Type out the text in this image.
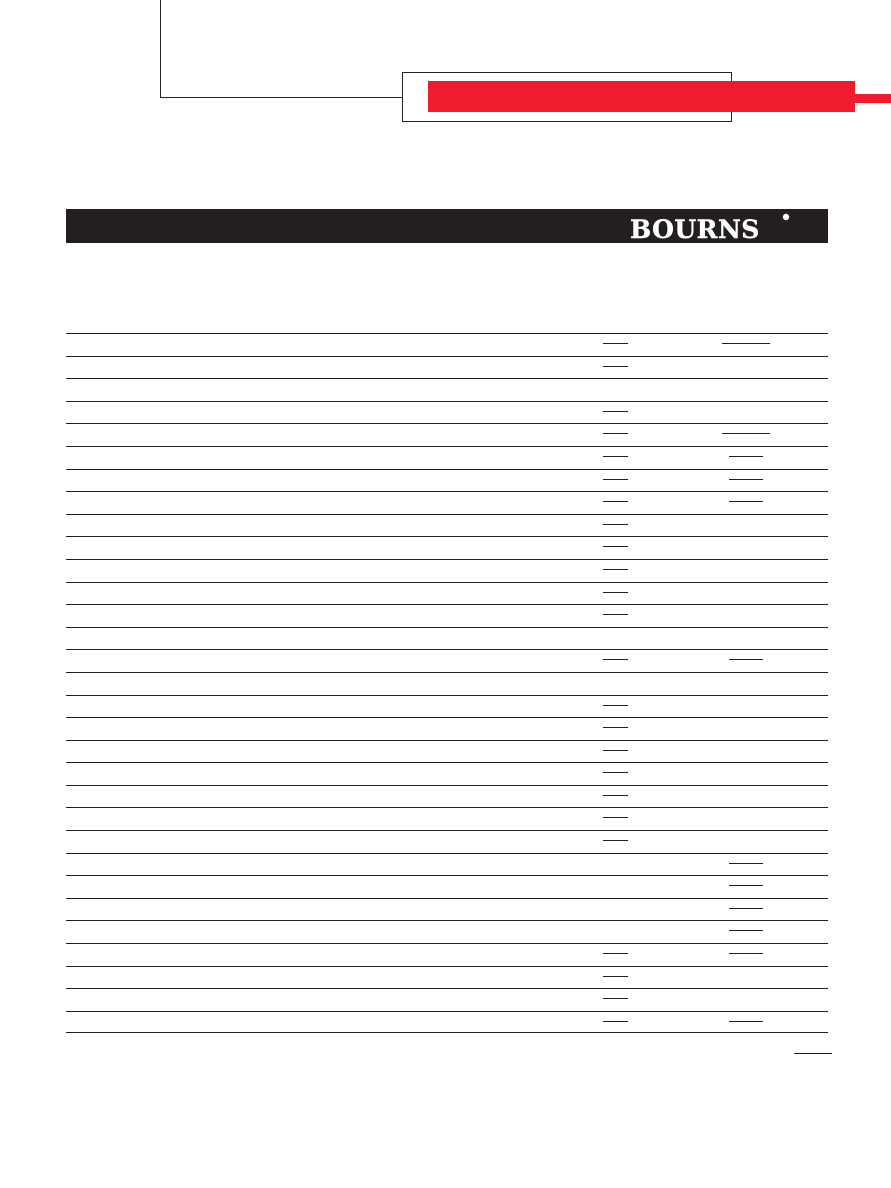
BOURNS
